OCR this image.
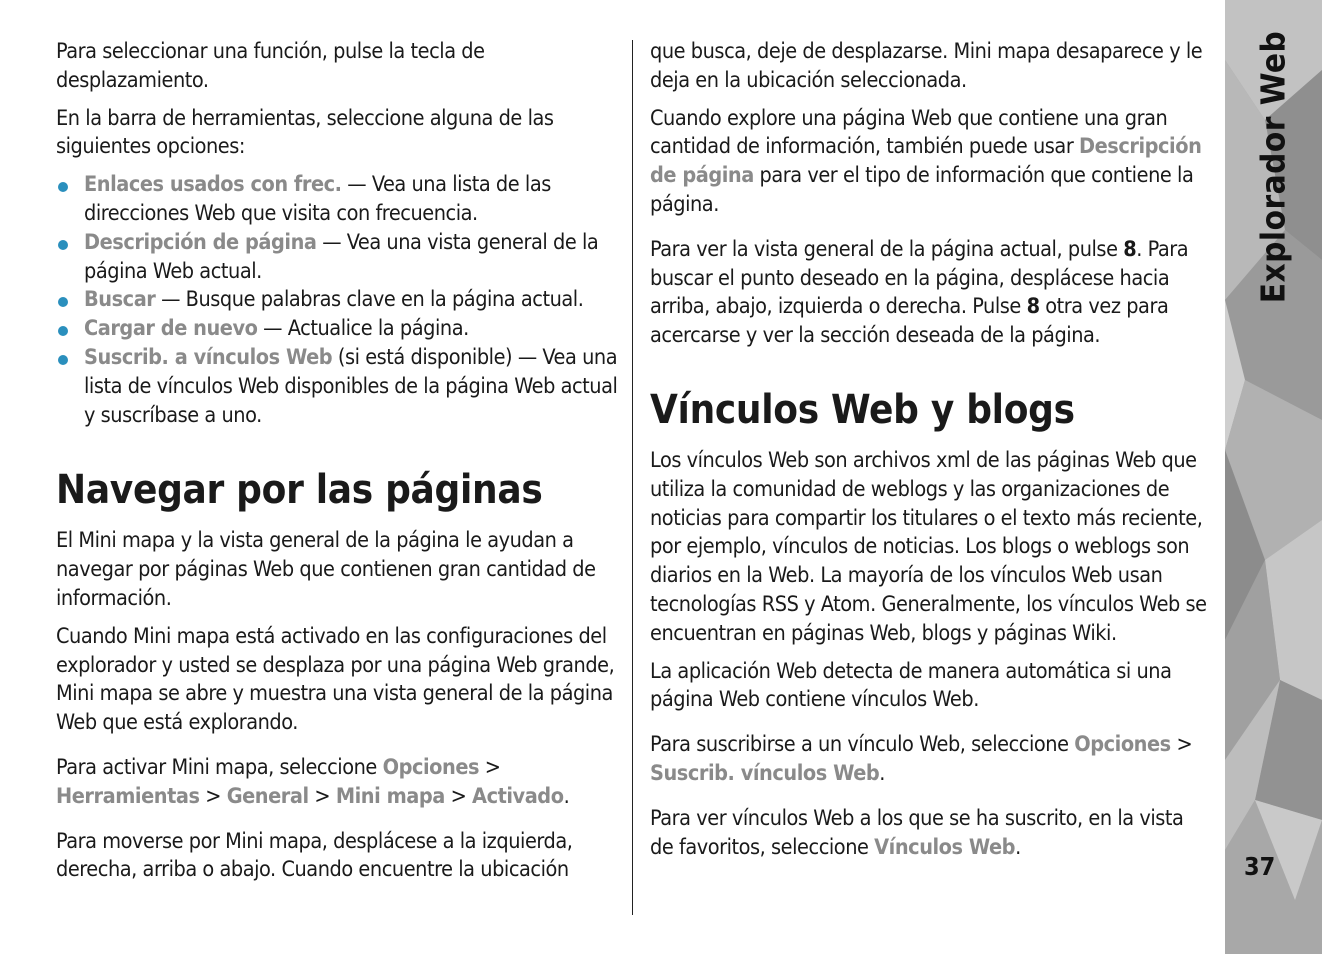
Para seleccionar una función, pulse la tecla de desplazamiento.

En la barra de herramientas, seleccione alguna de las siguientes opciones:

Enlaces usados con frec. — Vea una lista de las direcciones Web que visita con frecuencia.
Descripción de página — Vea una vista general de la página Web actual.
Buscar — Busque palabras clave en la página actual.
Cargar de nuevo — Actualice la página.
Suscrib. a vínculos Web (si está disponible) — Vea una lista de vínculos Web disponibles de la página Web actual y suscríbase a uno.
Navegar por las páginas

El Mini mapa y la vista general de la página le ayudan a navegar por páginas Web que contienen gran cantidad de información.

Cuando Mini mapa está activado en las configuraciones del explorador y usted se desplaza por una página Web grande, Mini mapa se abre y muestra una vista general de la página Web que está explorando.

Para activar Mini mapa, seleccione Opciones > Herramientas > General > Mini mapa > Activado.

Para moverse por Mini mapa, desplácese a la izquierda, derecha, arriba o abajo. Cuando encuentre la ubicación

que busca, deje de desplazarse. Mini mapa desaparece y le deja en la ubicación seleccionada.

Cuando explore una página Web que contiene una gran cantidad de información, también puede usar Descripción de página para ver el tipo de información que contiene la página.

Para ver la vista general de la página actual, pulse 8. Para buscar el punto deseado en la página, desplácese hacia arriba, abajo, izquierda o derecha. Pulse 8 otra vez para acercarse y ver la sección deseada de la página.

Vínculos Web y blogs

Los vínculos Web son archivos xml de las páginas Web que utiliza la comunidad de weblogs y las organizaciones de noticias para compartir los titulares o el texto más reciente, por ejemplo, vínculos de noticias. Los blogs o weblogs son diarios en la Web. La mayoría de los vínculos Web usan tecnologías RSS y Atom. Generalmente, los vínculos Web se encuentran en páginas Web, blogs y páginas Wiki.

La aplicación Web detecta de manera automática si una página Web contiene vínculos Web.

Para suscribirse a un vínculo Web, seleccione Opciones > Suscrib. vínculos Web.

Para ver vínculos Web a los que se ha suscrito, en la vista de favoritos, seleccione Vínculos Web.

Explorador Web
37
